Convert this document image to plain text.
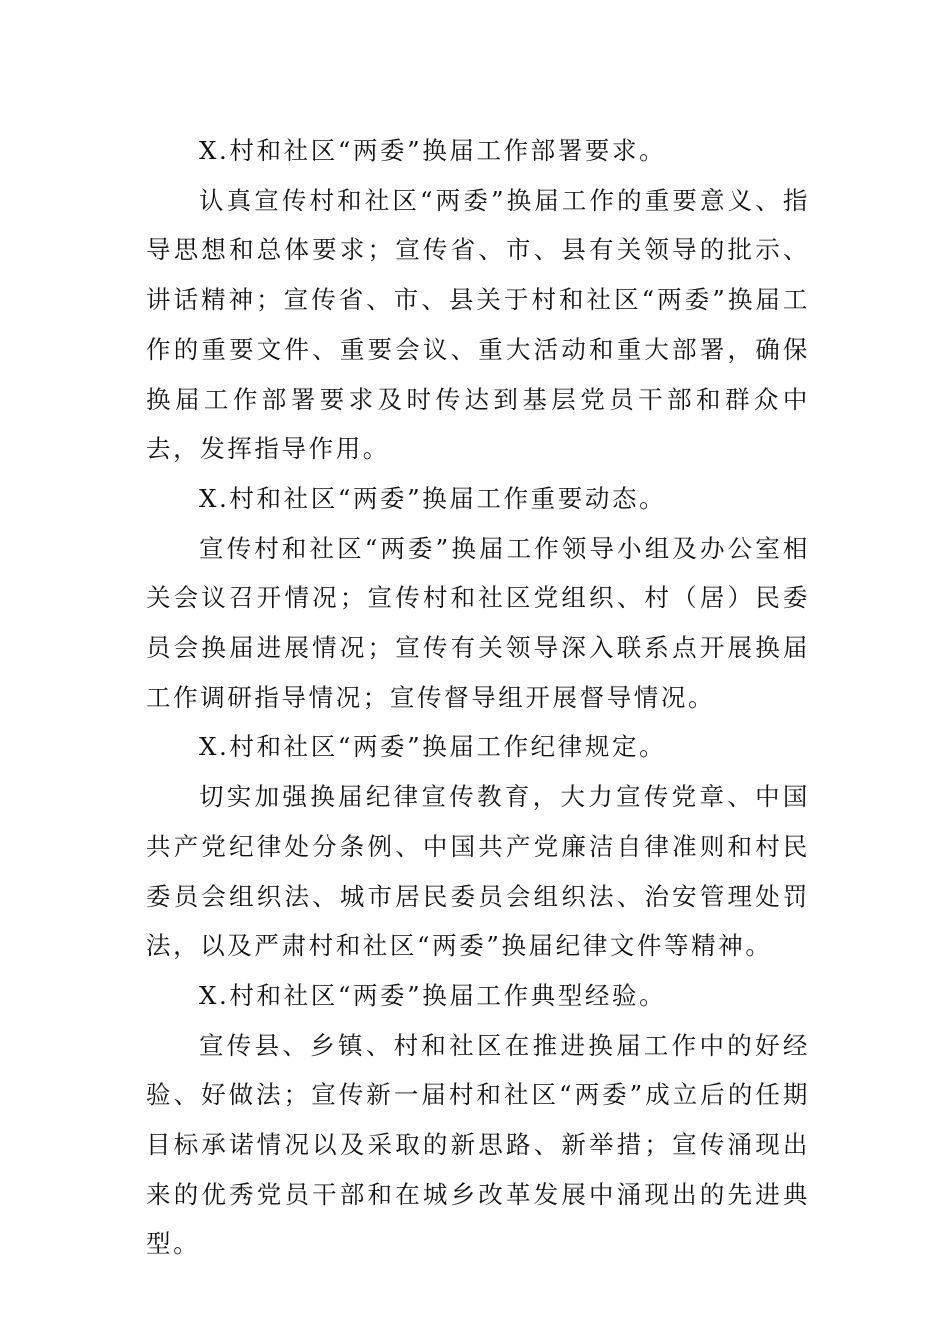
X.村和社区“两委”换届工作部署要求。

认真宣传村和社区“两委”换届工作的重要意义、指导思想和总体要求；宣传省、市、县有关领导的批示、讲话精神；宣传省、市、县关于村和社区“两委”换届工作的重要文件、重要会议、重大活动和重大部署，确保换届工作部署要求及时传达到基层党员干部和群众中去，发挥指导作用。

X.村和社区“两委”换届工作重要动态。

宣传村和社区“两委”换届工作领导小组及办公室相关会议召开情况；宣传村和社区党组织、村（居）民委员会换届进展情况；宣传有关领导深入联系点开展换届工作调研指导情况；宣传督导组开展督导情况。

X.村和社区“两委”换届工作纪律规定。

切实加强换届纪律宣传教育，大力宣传党章、中国共产党纪律处分条例、中国共产党廉洁自律准则和村民委员会组织法、城市居民委员会组织法、治安管理处罚法，以及严肃村和社区“两委”换届纪律文件等精神。

X.村和社区“两委”换届工作典型经验。

宣传县、乡镇、村和社区在推进换届工作中的好经验、好做法；宣传新一届村和社区“两委”成立后的任期目标承诺情况以及采取的新思路、新举措；宣传涌现出来的优秀党员干部和在城乡改革发展中涌现出的先进典型。
